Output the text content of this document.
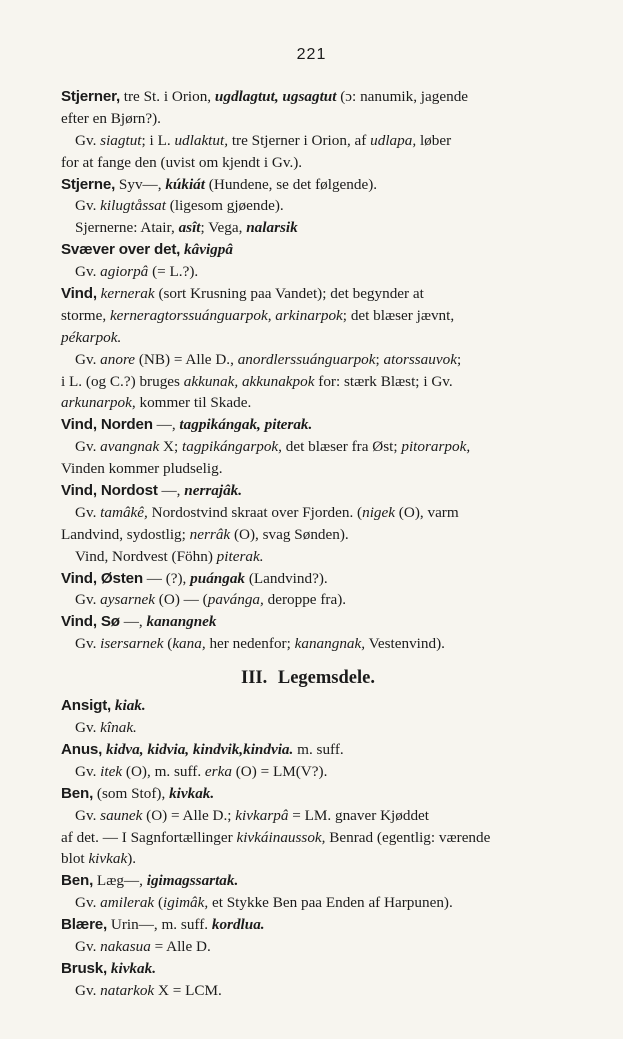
221
Stjerner, tre St. i Orion, ugdlagtut, ugsagtut (ɔ: nanumik, jagende
efter en Bjørn?).
Gv. siagtut; i L. udlaktut, tre Stjerner i Orion, af udlapa, løber
for at fange den (uvist om kjendt i Gv.).
Stjerne, Syv—, kúkiát (Hundene, se det følgende).
Gv. kilugtåssat (ligesom gjøende).
Sjernerne: Atair, asît; Vega, nalarsik
Svæver over det, kâvigpâ
Gv. agiorpâ (= L.?).
Vind, kernerak (sort Krusning paa Vandet); det begynder at
storme, kerneragtorssuánguarpok, arkinarpok; det blæser jævnt,
pékarpok.
Gv. anore (NB) = Alle D., anordlerssuánguarpok; atorssauvok;
i L. (og C.?) bruges akkunak, akkunakpok for: stærk Blæst; i Gv.
arkunarpok, kommer til Skade.
Vind, Norden —, tagpikángak, piterak.
Gv. avangnak X; tagpikángarpok, det blæser fra Øst; pitorarpok,
Vinden kommer pludselig.
Vind, Nordost —, nerrajâk.
Gv. tamâkê, Nordostvind skraat over Fjorden. (nigek (O), varm
Landvind, sydostlig; nerrâk (O), svag Sønden).
Vind, Nordvest (Föhn) piterak.
Vind, Østen — (?), puángak (Landvind?).
Gv. aysarnek (O) — (pavánga, deroppe fra).
Vind, Sø —, kanangnek
Gv. isersarnek (kana, her nedenfor; kanangnak, Vestenvind).
III. Legemsdele.
Ansigt, kiak.
Gv. kînak.
Anus, kidva, kidvia, kindvik,kindvia. m. suff.
Gv. itek (O), m. suff. erka (O) = LM(V?).
Ben, (som Stof), kivkak.
Gv. saunek (O) = Alle D.; kivkarpâ = LM. gnaver Kjøddet
af det. — I Sagnfortællinger kivkáinaussok, Benrad (egentlig: værende
blot kivkak).
Ben, Læg—, igimagssartak.
Gv. amilerak (igimâk, et Stykke Ben paa Enden af Harpunen).
Blære, Urin—, m. suff. kordlua.
Gv. nakasua = Alle D.
Brusk, kivkak.
Gv. natarkok X = LCM.
